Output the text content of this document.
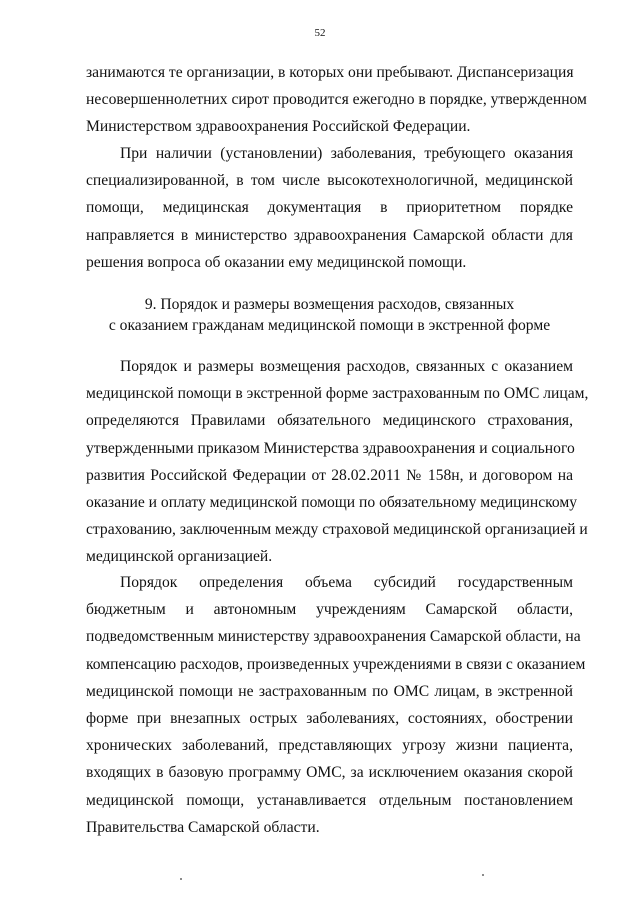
52
занимаются те организации, в которых они пребывают. Диспансеризация
несовершеннолетних сирот проводится ежегодно в порядке, утвержденном
Министерством здравоохранения Российской Федерации.
При наличии (установлении) заболевания, требующего оказания
специализированной, в том числе высокотехнологичной, медицинской
помощи, медицинская документация в приоритетном порядке
направляется в министерство здравоохранения Самарской области для
решения вопроса об оказании ему медицинской помощи.
9. Порядок и размеры возмещения расходов, связанных
с оказанием гражданам медицинской помощи в экстренной форме
Порядок и размеры возмещения расходов, связанных с оказанием
медицинской помощи в экстренной форме застрахованным по ОМС лицам,
определяются Правилами обязательного медицинского страхования,
утвержденными приказом Министерства здравоохранения и социального
развития Российской Федерации от 28.02.2011 № 158н, и договором на
оказание и оплату медицинской помощи по обязательному медицинскому
страхованию, заключенным между страховой медицинской организацией и
медицинской организацией.
Порядок определения объема субсидий государственным
бюджетным и автономным учреждениям Самарской области,
подведомственным министерству здравоохранения Самарской области, на
компенсацию расходов, произведенных учреждениями в связи с оказанием
медицинской помощи не застрахованным по ОМС лицам, в экстренной
форме при внезапных острых заболеваниях, состояниях, обострении
хронических заболеваний, представляющих угрозу жизни пациента,
входящих в базовую программу ОМС, за исключением оказания скорой
медицинской помощи, устанавливается отдельным постановлением
Правительства Самарской области.
